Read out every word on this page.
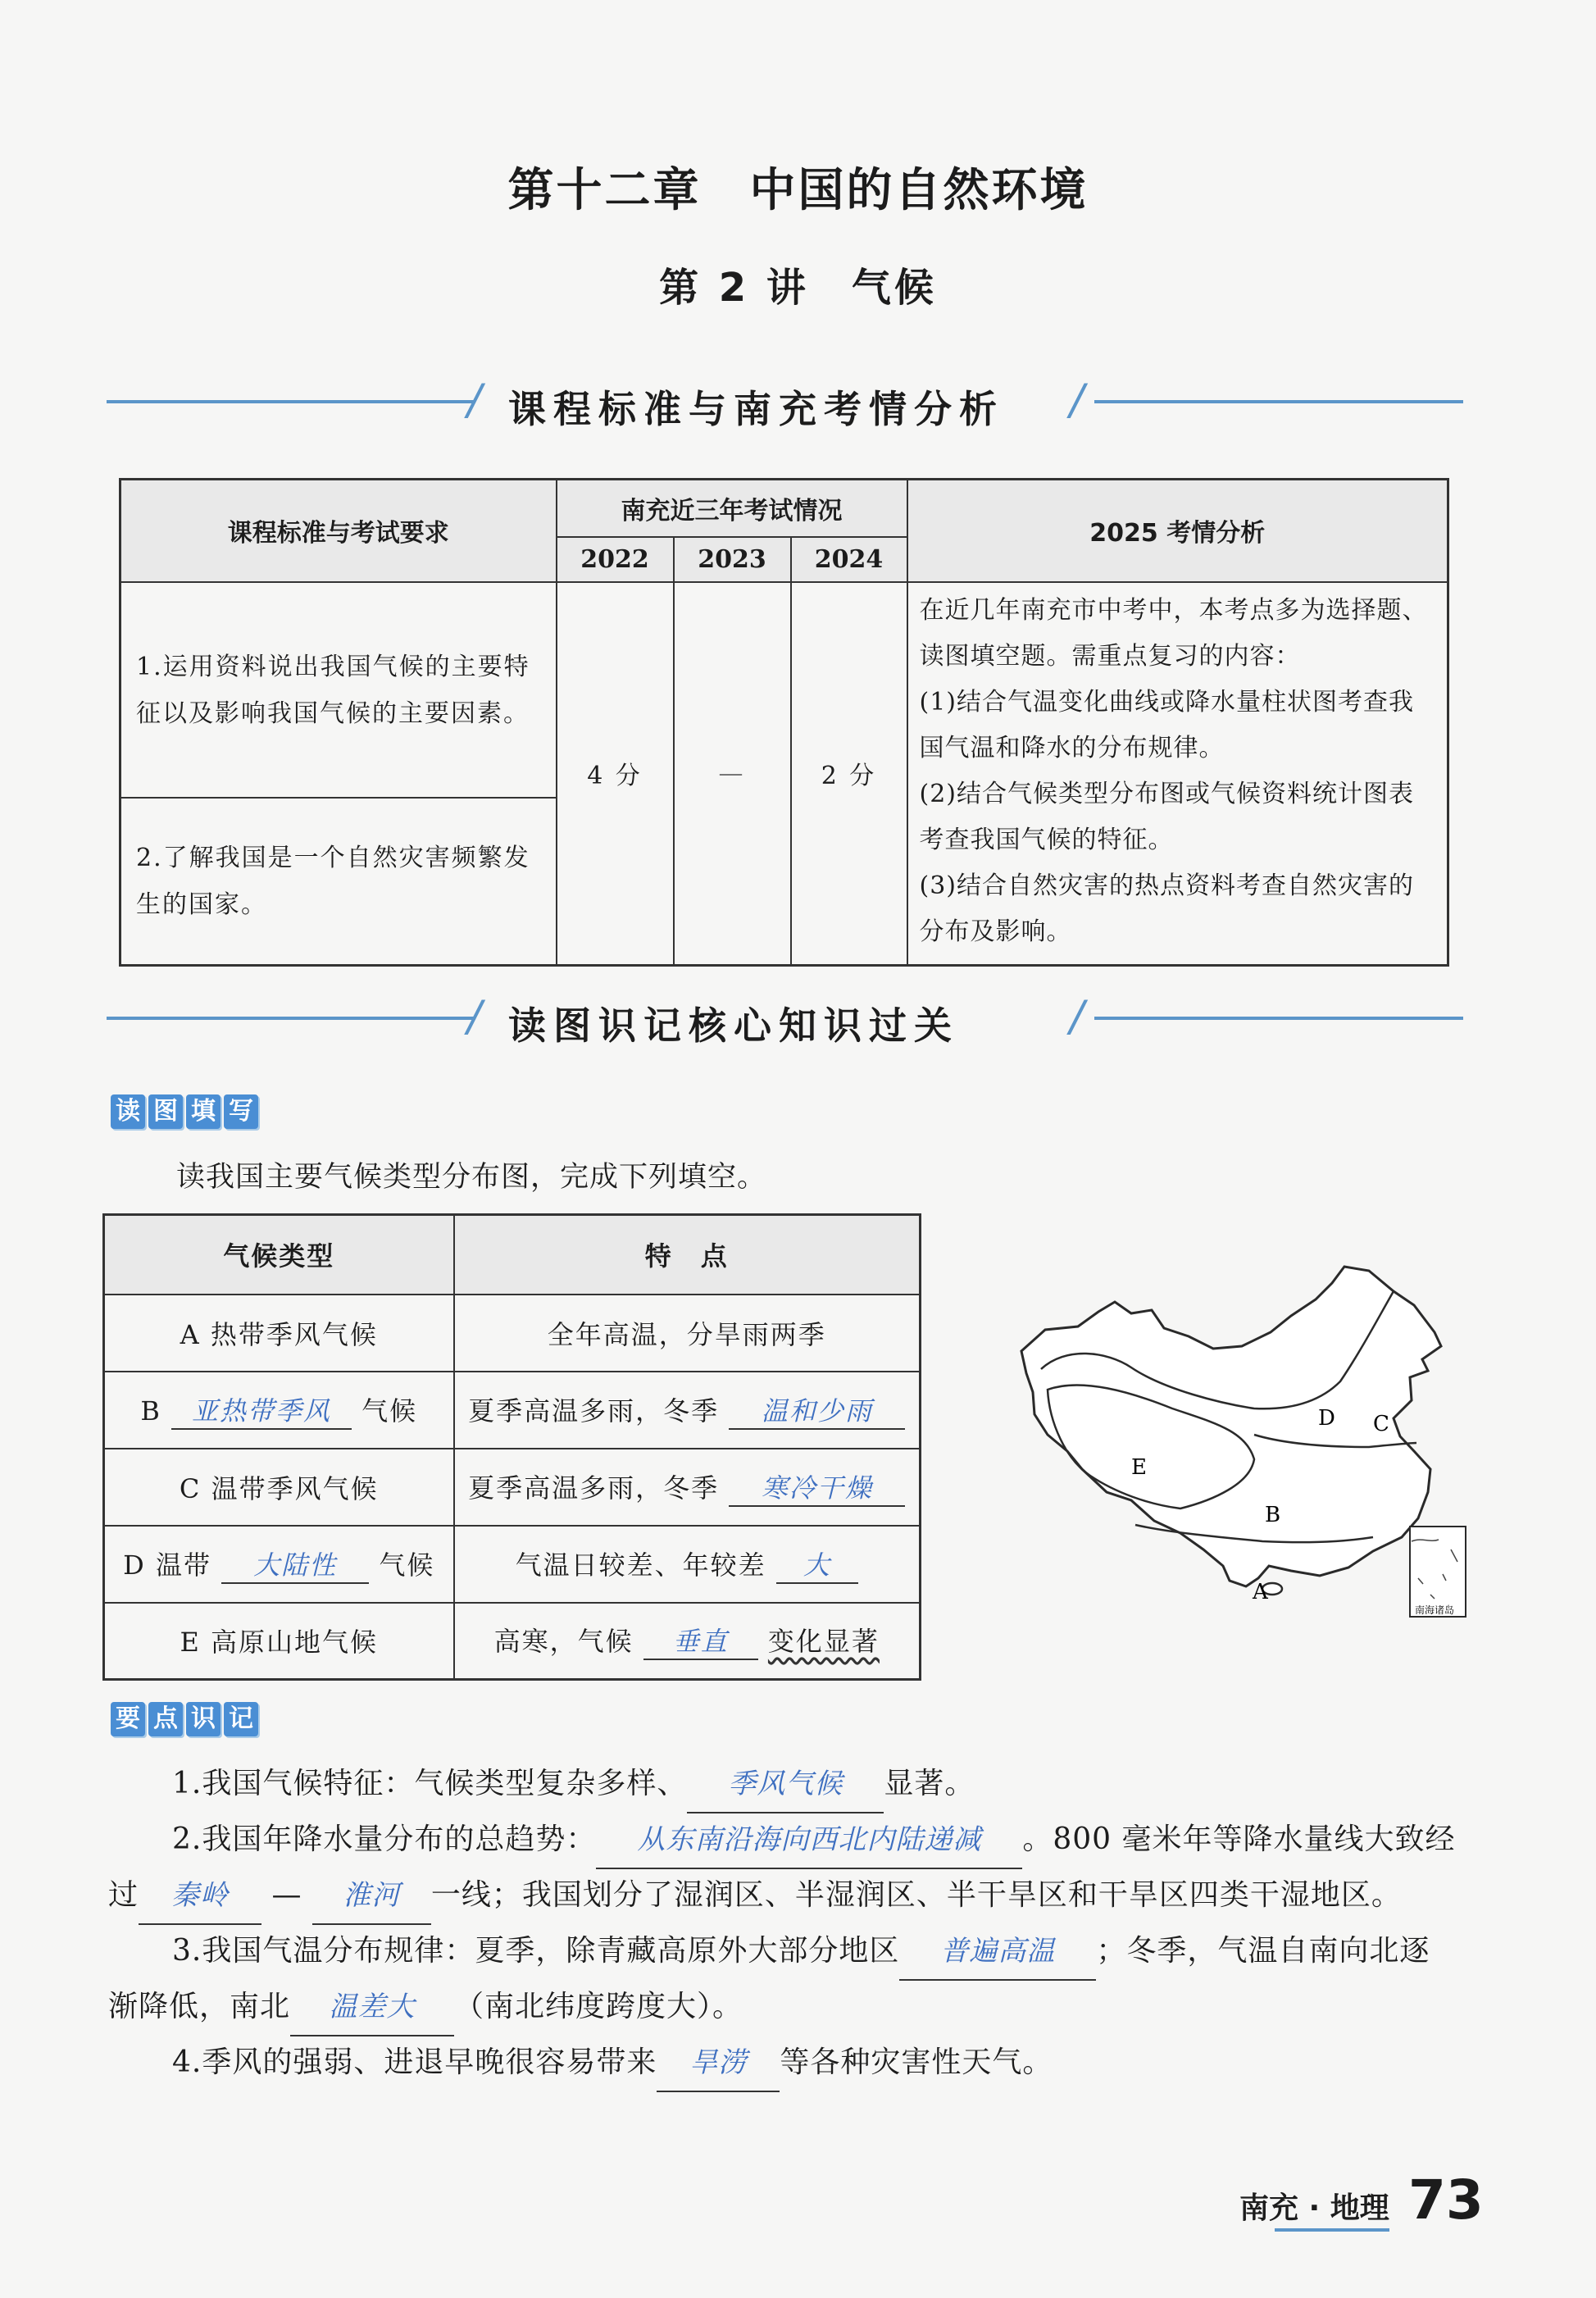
第十二章　中国的自然环境
第 2 讲　气候
/ 课程标准与南充考情分析 /
课程标准与考试要求	南充近三年考试情况			2025 考情分析
	2022	2023	2024	
1.运用资料说出我国气候的主要特征以及影响我国气候的主要因素。	4 分	—	2 分	在近几年南充市中考中，本考点多为选择题、读图填空题。需重点复习的内容：
(1)结合气温变化曲线或降水量柱状图考查我国气温和降水的分布规律。
(2)结合气候类型分布图或气候资料统计图表考查我国气候的特征。
(3)结合自然灾害的热点资料考查自然灾害的分布及影响。
2.了解我国是一个自然灾害频繁发生的国家。				
/ 读图识记核心知识过关	/
读 图 填 写
读我国主要气候类型分布图，完成下列填空。
气候类型	特　点
A 热带季风气候	全年高温，分旱雨两季
B 亚热带季风 气候	夏季高温多雨，冬季 温和少雨
C 温带季风气候	夏季高温多雨，冬季 寒冷干燥
D 温带 大陆性 气候	气温日较差、年较差 大
E 高原山地气候	高寒，气候 垂直 变化显著
C
D
E
B
A
南海诸岛
要 点 识 记
1.我国气候特征：气候类型复杂多样、 季风气候 显著。
2.我国年降水量分布的总趋势： 从东南沿海向西北内陆递减 。800 毫米年等降水量线大致经
过 秦岭 — 淮河 一线；我国划分了湿润区、半湿润区、半干旱区和干旱区四类干湿地区。
3.我国气温分布规律：夏季，除青藏高原外大部分地区 普遍高温 ；冬季，气温自南向北逐
渐降低，南北 温差大 （南北纬度跨度大）。
4.季风的强弱、进退早晚很容易带来 旱涝 等各种灾害性天气。
南充 · 地理 73
